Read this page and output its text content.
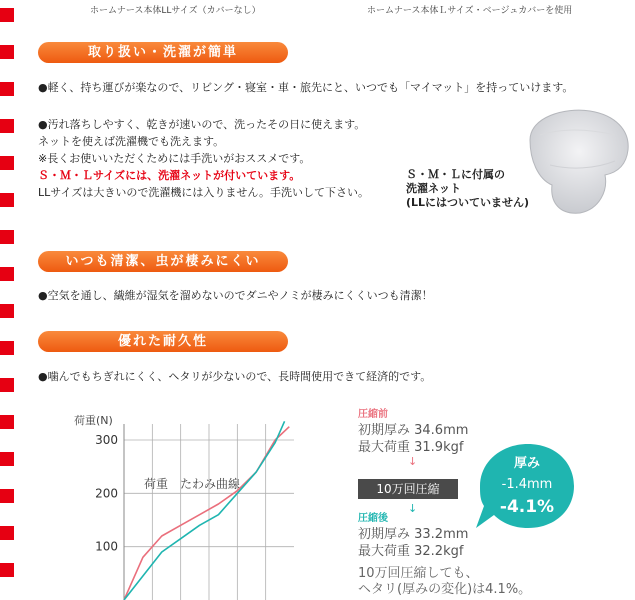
ホームナース本体LLサイズ（カバーなし）	ホームナース本体Ｌサイズ・ベージュカバーを使用
取り扱い・洗濯が簡単
● 軽く、持ち運びが楽なので、リビング・寝室・車・旅先にと、いつでも「マイマット」を持っていけます。
● 汚れ落ちしやすく、乾きが速いので、洗ったその日に使えます。
ネットを使えば洗濯機でも洗えます。
※長くお使いいただくためには手洗いがおススメです。
Ｓ・Ｍ・Ｌサイズには、洗濯ネットが付いています。
LLサイズは大きいので洗濯機には入りません。手洗いして下さい。
Ｓ・Ｍ・Ｌに付属の
洗濯ネット
(LLにはついていません)
いつも清潔、虫が棲みにくい
● 空気を通し、繊維が湿気を溜めないのでダニやノミが棲みにくくいつも清潔！
優れた耐久性
● 噛んでもちぎれにくく、ヘタリが少ないので、長時間使用できて経済的です。
荷重(N)
荷重　たわみ曲線
100
200
300
圧縮前
初期厚み 34.6mm
最大荷重 31.9kgf
↓
10万回圧縮
↓
圧縮後
初期厚み 33.2mm
最大荷重 32.2kgf
10万回圧縮しても、
ヘタリ(厚みの変化)は4.1%。
厚み
-1.4mm
-4.1%
